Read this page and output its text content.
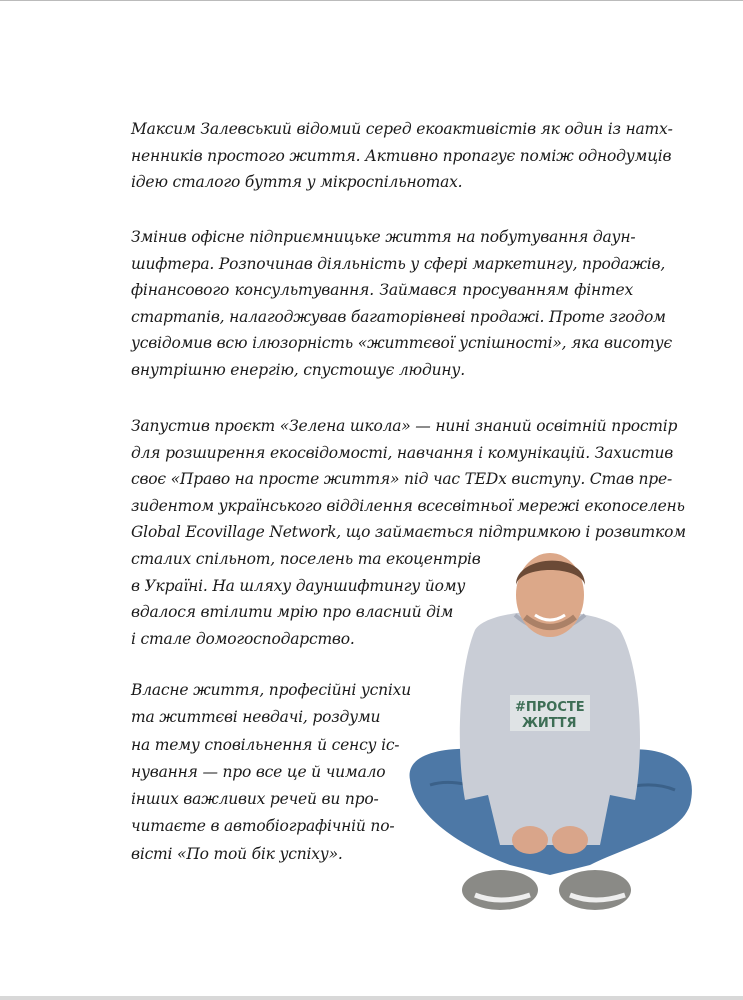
Максим Залевський відомий серед екоактивістів як один із натх-
ненників простого життя. Активно пропагує поміж однодумців
ідею сталого буття у мікроспільнотах.
Змінив офісне підприємницьке життя на побутування даун-
шифтера. Розпочинав діяльність у сфері маркетингу, продажів,
фінансового консультування. Займався просуванням фінтех
стартапів, налагоджував багаторівневі продажі. Проте згодом
усвідомив всю ілюзорність «життєвої успішності», яка висотує
внутрішню енергію, спустошує людину.
Запустив проєкт «Зелена школа» — нині знаний освітній простір
для розширення екосвідомості, навчання і комунікацій. Захистив
своє «Право на просте життя» під час TEDx виступу. Став пре-
зидентом українського відділення всесвітньої мережі екопоселень
Global Ecovillage Network, що займається підтримкою і розвитком
сталих спільнот, поселень та екоцентрів
в Україні. На шляху дауншифтингу йому
вдалося втілити мрію про власний дім
і стале домогосподарство.
Власне життя, професійні успіхи
та життєві невдачі, роздуми
на тему сповільнення й сенсу іс-
нування — про все це й чимало
інших важливих речей ви про-
читаєте в автобіографічній по-
вісті «По той бік успіху».
#ПРОСТЕ
ЖИТТЯ
